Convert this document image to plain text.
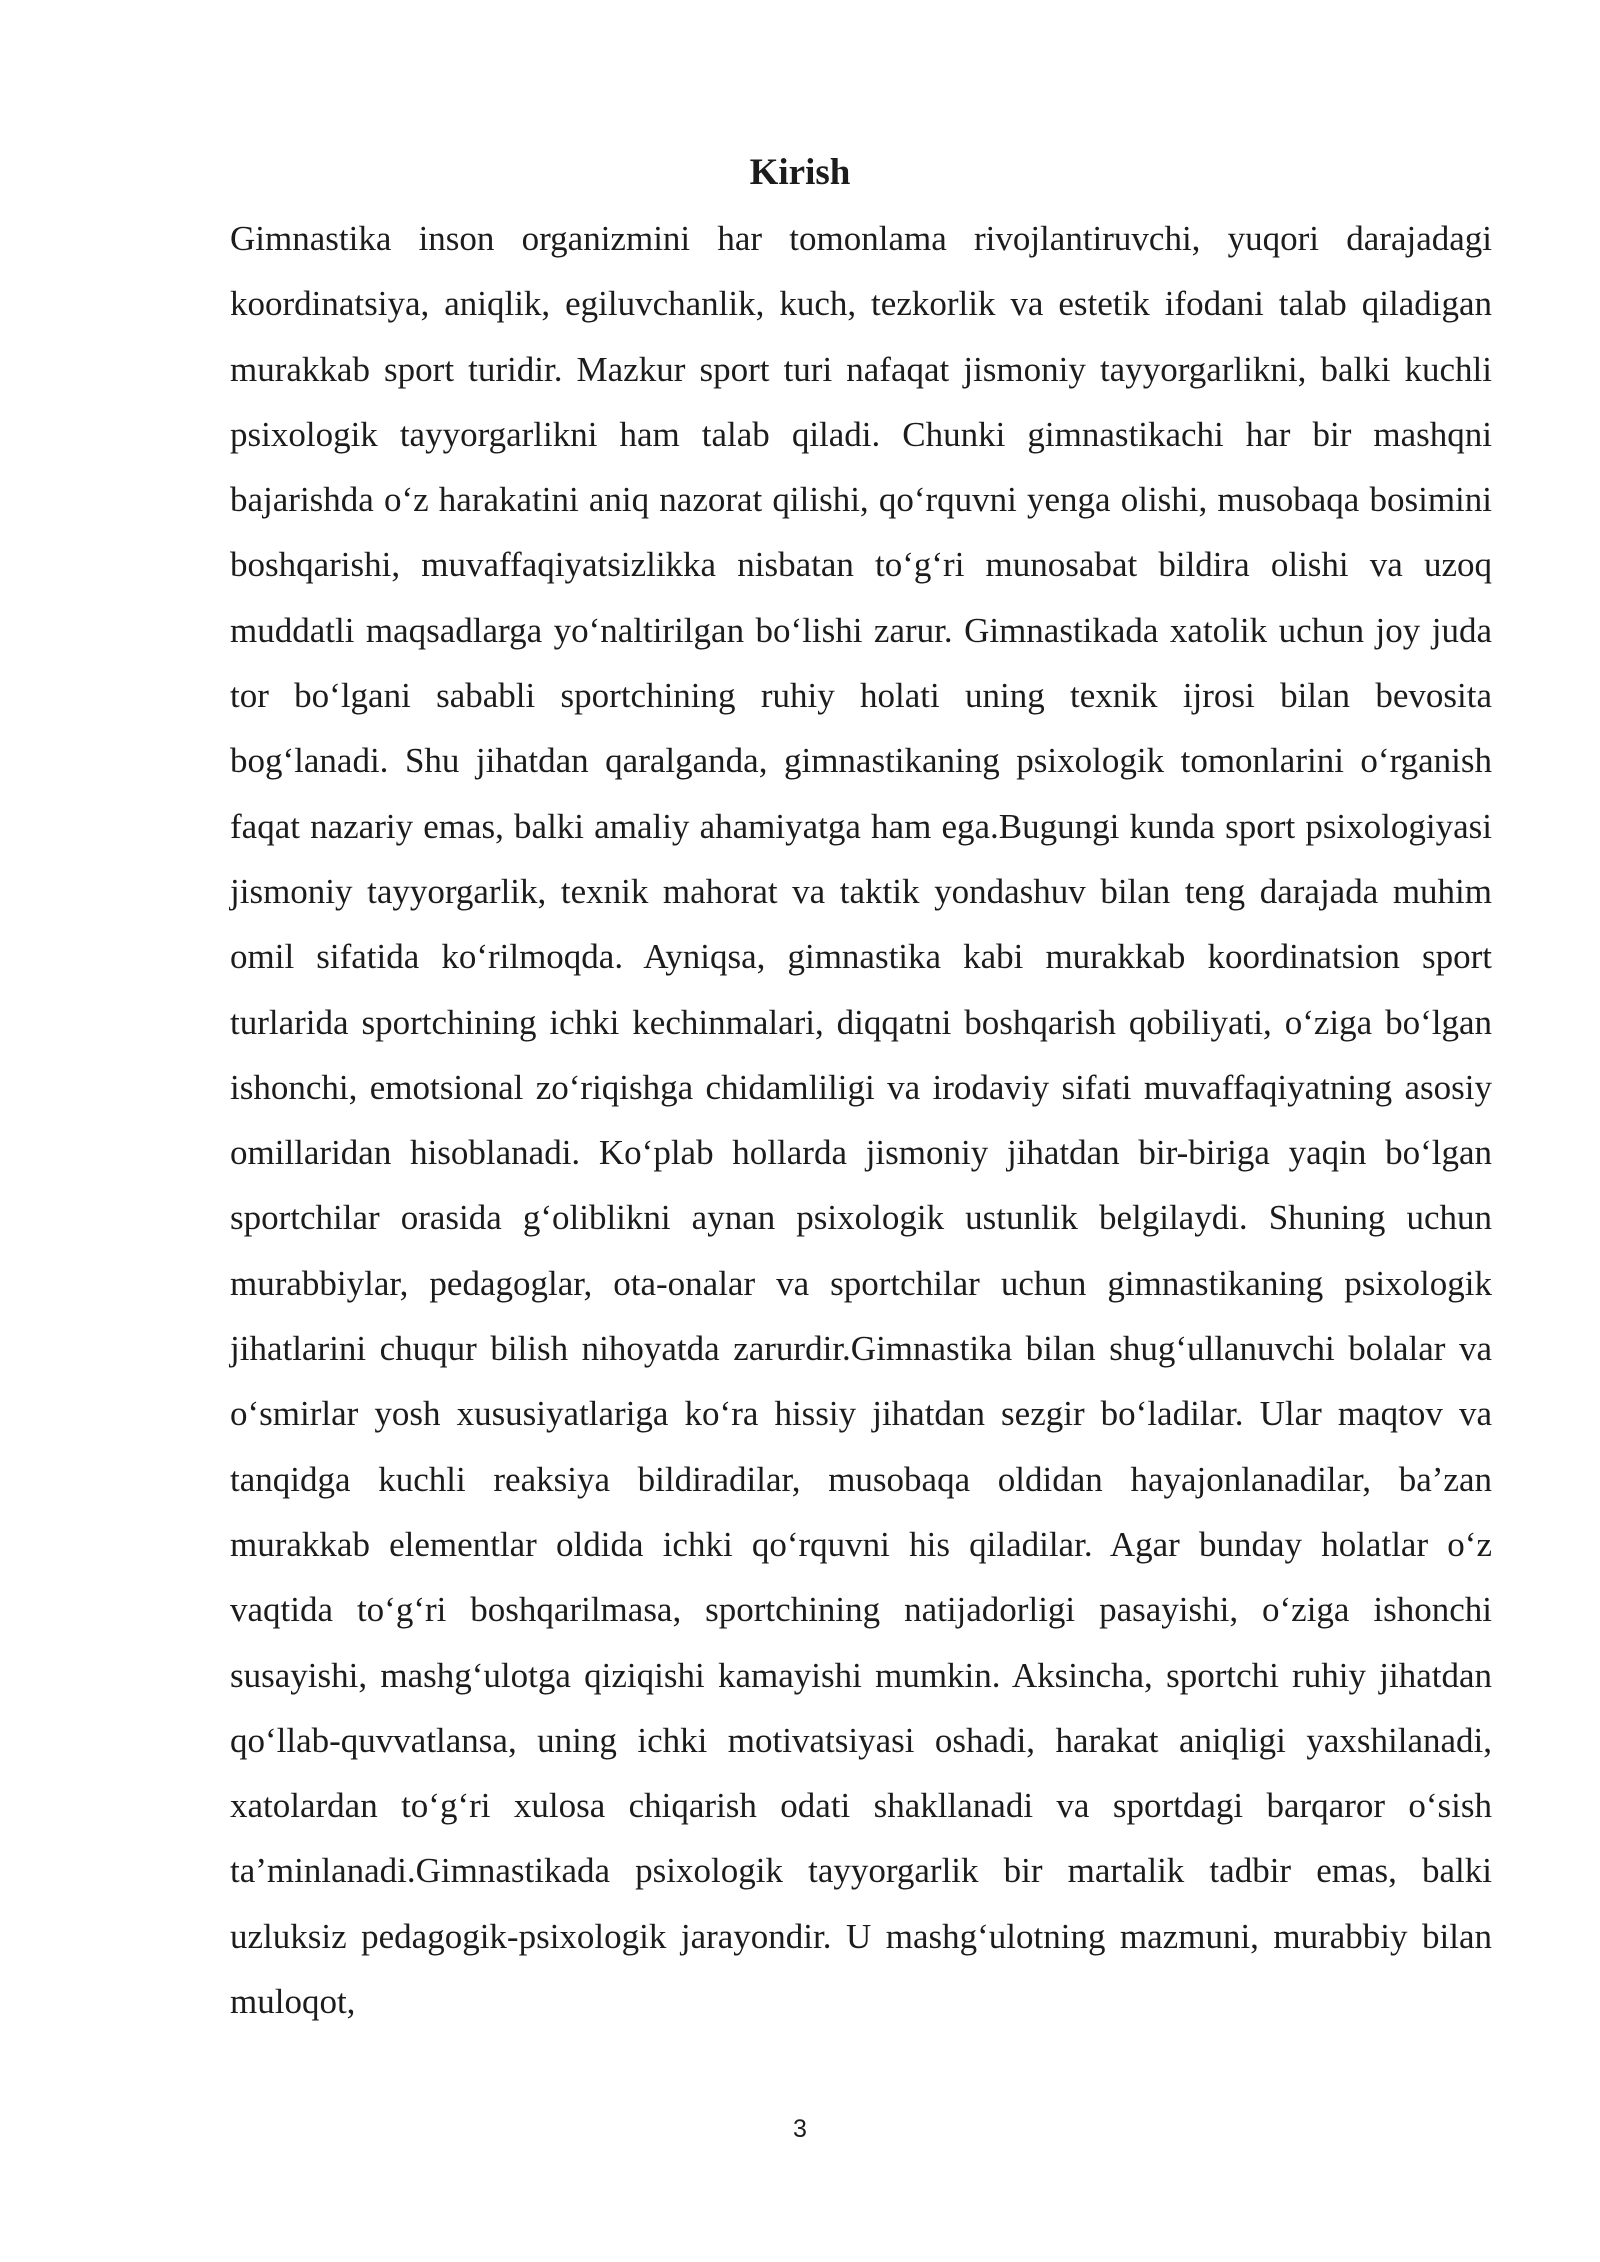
Kirish

Gimnastika inson organizmini har tomonlama rivojlantiruvchi, yuqori darajadagi koordinatsiya, aniqlik, egiluvchanlik, kuch, tezkorlik va estetik ifodani talab qiladigan murakkab sport turidir. Mazkur sport turi nafaqat jismoniy tayyorgarlikni, balki kuchli psixologik tayyorgarlikni ham talab qiladi. Chunki gimnastikachi har bir mashqni bajarishda o‘z harakatini aniq nazorat qilishi, qo‘rquvni yenga olishi, musobaqa bosimini boshqarishi, muvaffaqiyatsizlikka nisbatan to‘g‘ri munosabat bildira olishi va uzoq muddatli maqsadlarga yo‘naltirilgan bo‘lishi zarur. Gimnastikada xatolik uchun joy juda tor bo‘lgani sababli sportchining ruhiy holati uning texnik ijrosi bilan bevosita bog‘lanadi. Shu jihatdan qaralganda, gimnastikaning psixologik tomonlarini o‘rganish faqat nazariy emas, balki amaliy ahamiyatga ham ega.Bugungi kunda sport psixologiyasi jismoniy tayyorgarlik, texnik mahorat va taktik yondashuv bilan teng darajada muhim omil sifatida ko‘rilmoqda. Ayniqsa, gimnastika kabi murakkab koordinatsion sport turlarida sportchining ichki kechinmalari, diqqatni boshqarish qobiliyati, o‘ziga bo‘lgan ishonchi, emotsional zo‘riqishga chidamliligi va irodaviy sifati muvaffaqiyatning asosiy omillaridan hisoblanadi. Ko‘plab hollarda jismoniy jihatdan bir-biriga yaqin bo‘lgan sportchilar orasida g‘oliblikni aynan psixologik ustunlik belgilaydi. Shuning uchun murabbiylar, pedagoglar, ota-onalar va sportchilar uchun gimnastikaning psixologik jihatlarini chuqur bilish nihoyatda zarurdir.Gimnastika bilan shug‘ullanuvchi bolalar va o‘smirlar yosh xususiyatlariga ko‘ra hissiy jihatdan sezgir bo‘ladilar. Ular maqtov va tanqidga kuchli reaksiya bildiradilar, musobaqa oldidan hayajonlanadilar, ba’zan murakkab elementlar oldida ichki qo‘rquvni his qiladilar. Agar bunday holatlar o‘z vaqtida to‘g‘ri boshqarilmasa, sportchining natijadorligi pasayishi, o‘ziga ishonchi susayishi, mashg‘ulotga qiziqishi kamayishi mumkin. Aksincha, sportchi ruhiy jihatdan qo‘llab-quvvatlansa, uning ichki motivatsiyasi oshadi, harakat aniqligi yaxshilanadi, xatolardan to‘g‘ri xulosa chiqarish odati shakllanadi va sportdagi barqaror o‘sish ta’minlanadi.Gimnastikada psixologik tayyorgarlik bir martalik tadbir emas, balki uzluksiz pedagogik-psixologik jarayondir. U mashg‘ulotning mazmuni, murabbiy bilan muloqot,

3
